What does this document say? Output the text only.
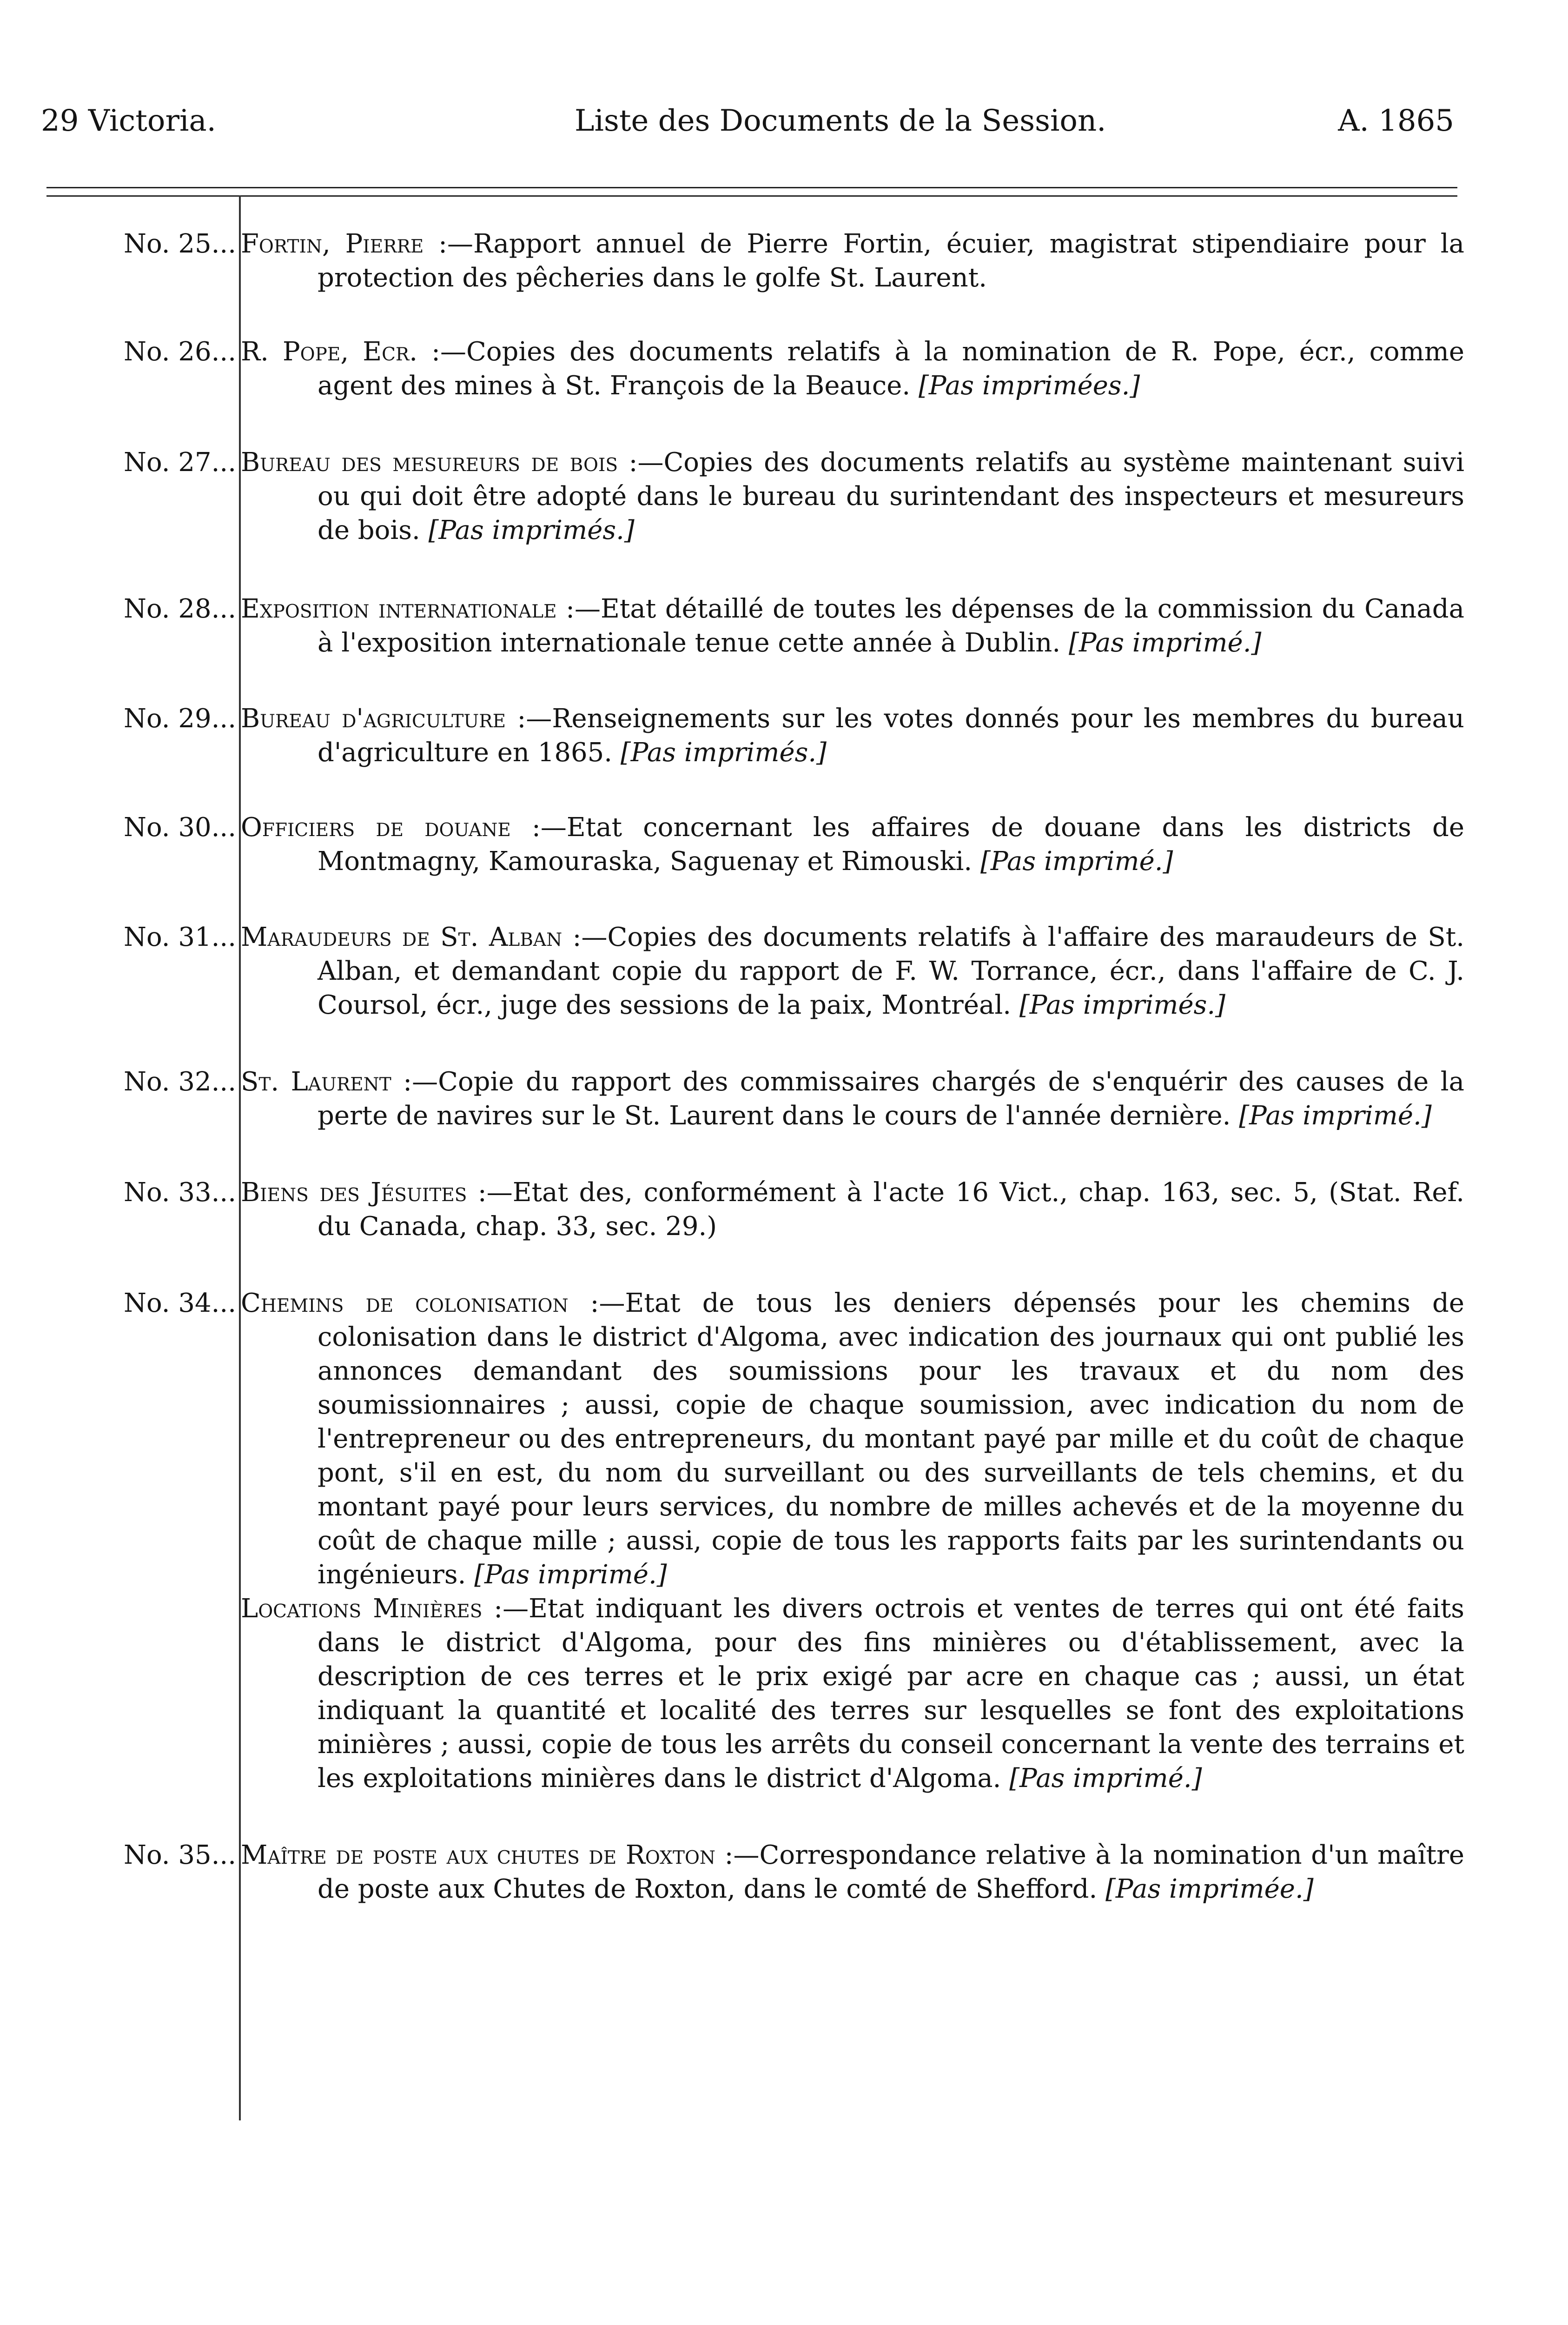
29 Victoria.	Liste des Documents de la Session.	A. 1865
No. 25... Fortin, Pierre :—Rapport annuel de Pierre Fortin, écuier, magistrat stipendiaire pour la protection des pêcheries dans le golfe St. Laurent.

No. 26... R. Pope, Ecr. :—Copies des documents relatifs à la nomination de R. Pope, écr., comme agent des mines à St. François de la Beauce. [Pas imprimées.]

No. 27... Bureau des mesureurs de bois :—Copies des documents relatifs au système maintenant suivi ou qui doit être adopté dans le bureau du surintendant des inspecteurs et mesureurs de bois. [Pas imprimés.]

No. 28... Exposition internationale :—Etat détaillé de toutes les dépenses de la commission du Canada à l'exposition internationale tenue cette année à Dublin. [Pas imprimé.]

No. 29... Bureau d'agriculture :—Renseignements sur les votes donnés pour les membres du bureau d'agriculture en 1865. [Pas imprimés.]

No. 30... Officiers de douane :—Etat concernant les affaires de douane dans les districts de Montmagny, Kamouraska, Saguenay et Rimouski. [Pas imprimé.]

No. 31... Maraudeurs de St. Alban :—Copies des documents relatifs à l'affaire des maraudeurs de St. Alban, et demandant copie du rapport de F. W. Torrance, écr., dans l'affaire de C. J. Coursol, écr., juge des sessions de la paix, Montréal. [Pas imprimés.]

No. 32... St. Laurent :—Copie du rapport des commissaires chargés de s'enquérir des causes de la perte de navires sur le St. Laurent dans le cours de l'année dernière. [Pas imprimé.]

No. 33... Biens des Jésuites :—Etat des, conformément à l'acte 16 Vict., chap. 163, sec. 5, (Stat. Ref. du Canada, chap. 33, sec. 29.)

No. 34... Chemins de colonisation :—Etat de tous les deniers dépensés pour les chemins de colonisation dans le district d'Algoma, avec indication des journaux qui ont publié les annonces demandant des soumissions pour les travaux et du nom des soumissionnaires ; aussi, copie de chaque soumission, avec indication du nom de l'entrepreneur ou des entrepreneurs, du montant payé par mille et du coût de chaque pont, s'il en est, du nom du surveillant ou des surveillants de tels chemins, et du montant payé pour leurs services, du nombre de milles achevés et de la moyenne du coût de chaque mille ; aussi, copie de tous les rapports faits par les surintendants ou ingénieurs. [Pas imprimé.]

Locations Minières :—Etat indiquant les divers octrois et ventes de terres qui ont été faits dans le district d'Algoma, pour des fins minières ou d'établissement, avec la description de ces terres et le prix exigé par acre en chaque cas ; aussi, un état indiquant la quantité et localité des terres sur lesquelles se font des exploitations minières ; aussi, copie de tous les arrêts du conseil concernant la vente des terrains et les exploitations minières dans le district d'Algoma. [Pas imprimé.]

No. 35... Maître de poste aux chutes de Roxton :—Correspondance relative à la nomination d'un maître de poste aux Chutes de Roxton, dans le comté de Shefford. [Pas imprimée.]
